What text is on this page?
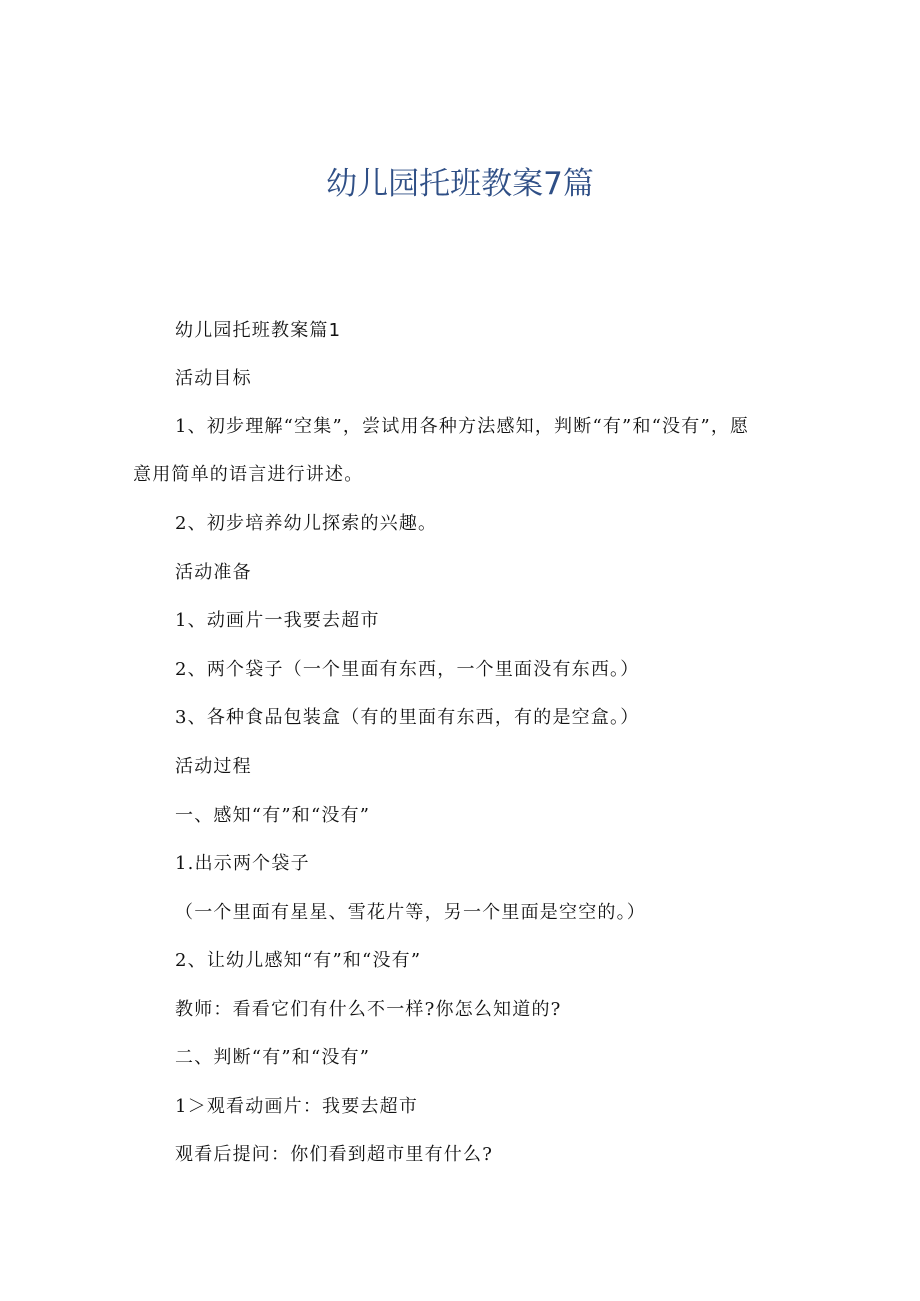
幼儿园托班教案7篇
幼儿园托班教案篇1
活动目标

1、初步理解“空集”，尝试用各种方法感知，判断“有”和“没有”，愿意用简单的语言进行讲述。

2、初步培养幼儿探索的兴趣。
活动准备
1、动画片一我要去超市
2、两个袋子（一个里面有东西，一个里面没有东西。）
3、各种食品包装盒（有的里面有东西，有的是空盒。）
活动过程
一、感知“有”和“没有”
1.出示两个袋子
（一个里面有星星、雪花片等，另一个里面是空空的。）
2、让幼儿感知“有”和“没有”
教师：看看它们有什么不一样?你怎么知道的?
二、判断“有”和“没有”
1＞观看动画片：我要去超市
观看后提问：你们看到超市里有什么?
